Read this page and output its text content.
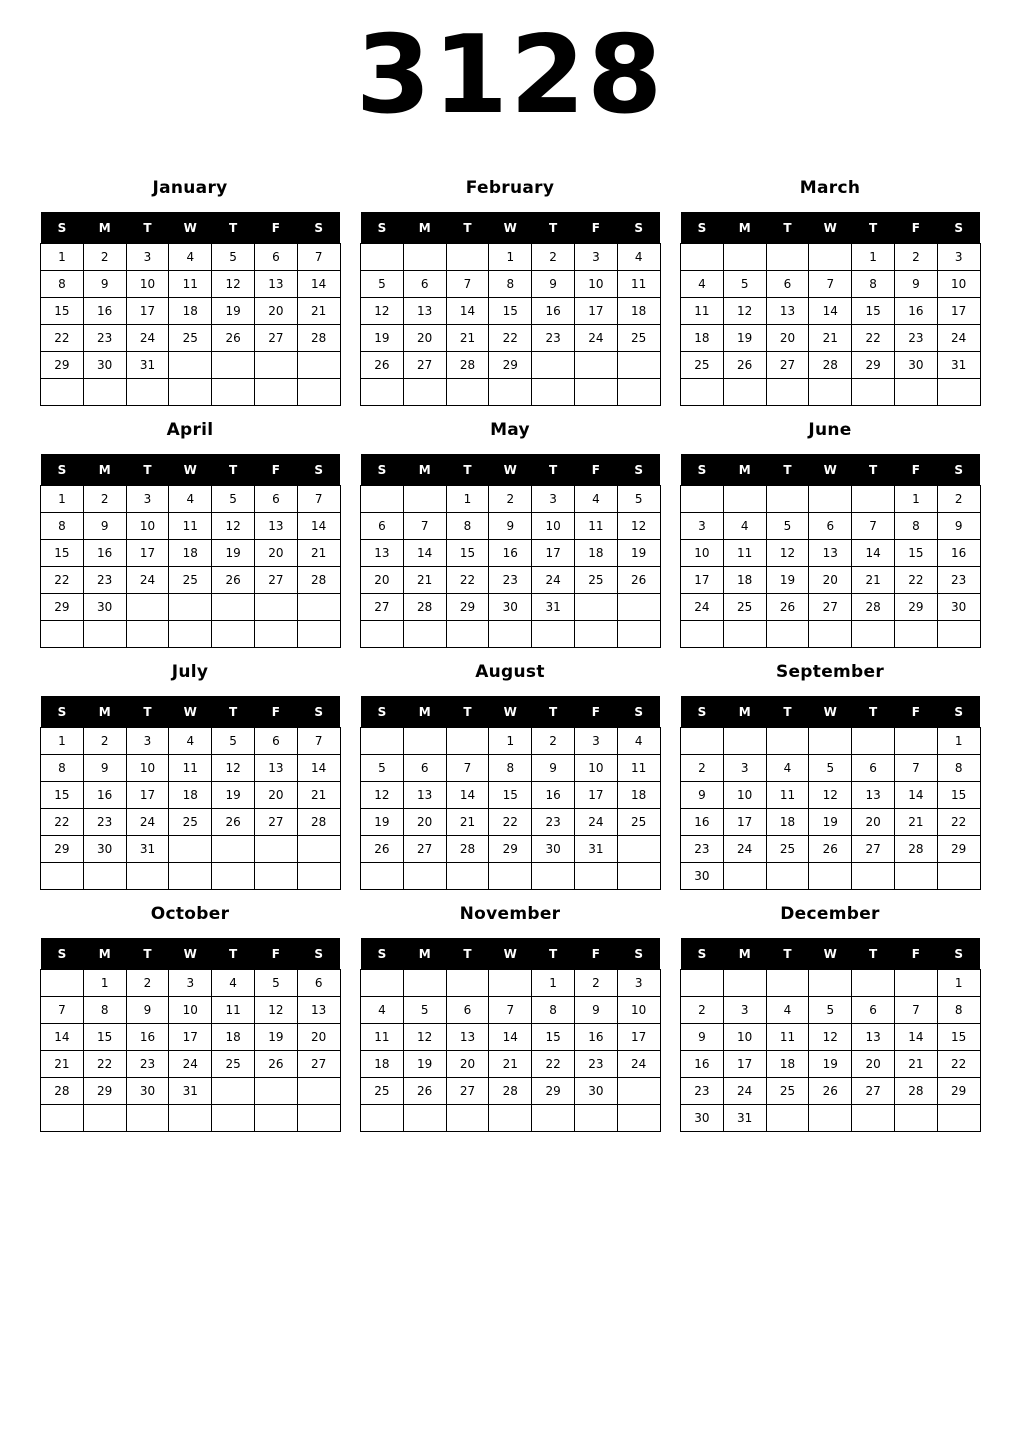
3128
January
S	M	T	W	T	F	S
1	2	3	4	5	6	7
8	9	10	11	12	13	14
15	16	17	18	19	20	21
22	23	24	25	26	27	28
29	30	31				

February
S	M	T	W	T	F	S
			1	2	3	4
5	6	7	8	9	10	11
12	13	14	15	16	17	18
19	20	21	22	23	24	25
26	27	28	29			

March
S	M	T	W	T	F	S
				1	2	3
4	5	6	7	8	9	10
11	12	13	14	15	16	17
18	19	20	21	22	23	24
25	26	27	28	29	30	31

April
S	M	T	W	T	F	S
1	2	3	4	5	6	7
8	9	10	11	12	13	14
15	16	17	18	19	20	21
22	23	24	25	26	27	28
29	30					

May
S	M	T	W	T	F	S
		1	2	3	4	5
6	7	8	9	10	11	12
13	14	15	16	17	18	19
20	21	22	23	24	25	26
27	28	29	30	31		

June
S	M	T	W	T	F	S
					1	2
3	4	5	6	7	8	9
10	11	12	13	14	15	16
17	18	19	20	21	22	23
24	25	26	27	28	29	30

July
S	M	T	W	T	F	S
1	2	3	4	5	6	7
8	9	10	11	12	13	14
15	16	17	18	19	20	21
22	23	24	25	26	27	28
29	30	31				

August
S	M	T	W	T	F	S
			1	2	3	4
5	6	7	8	9	10	11
12	13	14	15	16	17	18
19	20	21	22	23	24	25
26	27	28	29	30	31	

September
S	M	T	W	T	F	S
						1
2	3	4	5	6	7	8
9	10	11	12	13	14	15
16	17	18	19	20	21	22
23	24	25	26	27	28	29
30						
October
S	M	T	W	T	F	S
	1	2	3	4	5	6
7	8	9	10	11	12	13
14	15	16	17	18	19	20
21	22	23	24	25	26	27
28	29	30	31			

November
S	M	T	W	T	F	S
				1	2	3
4	5	6	7	8	9	10
11	12	13	14	15	16	17
18	19	20	21	22	23	24
25	26	27	28	29	30	

December
S	M	T	W	T	F	S
						1
2	3	4	5	6	7	8
9	10	11	12	13	14	15
16	17	18	19	20	21	22
23	24	25	26	27	28	29
30	31					
